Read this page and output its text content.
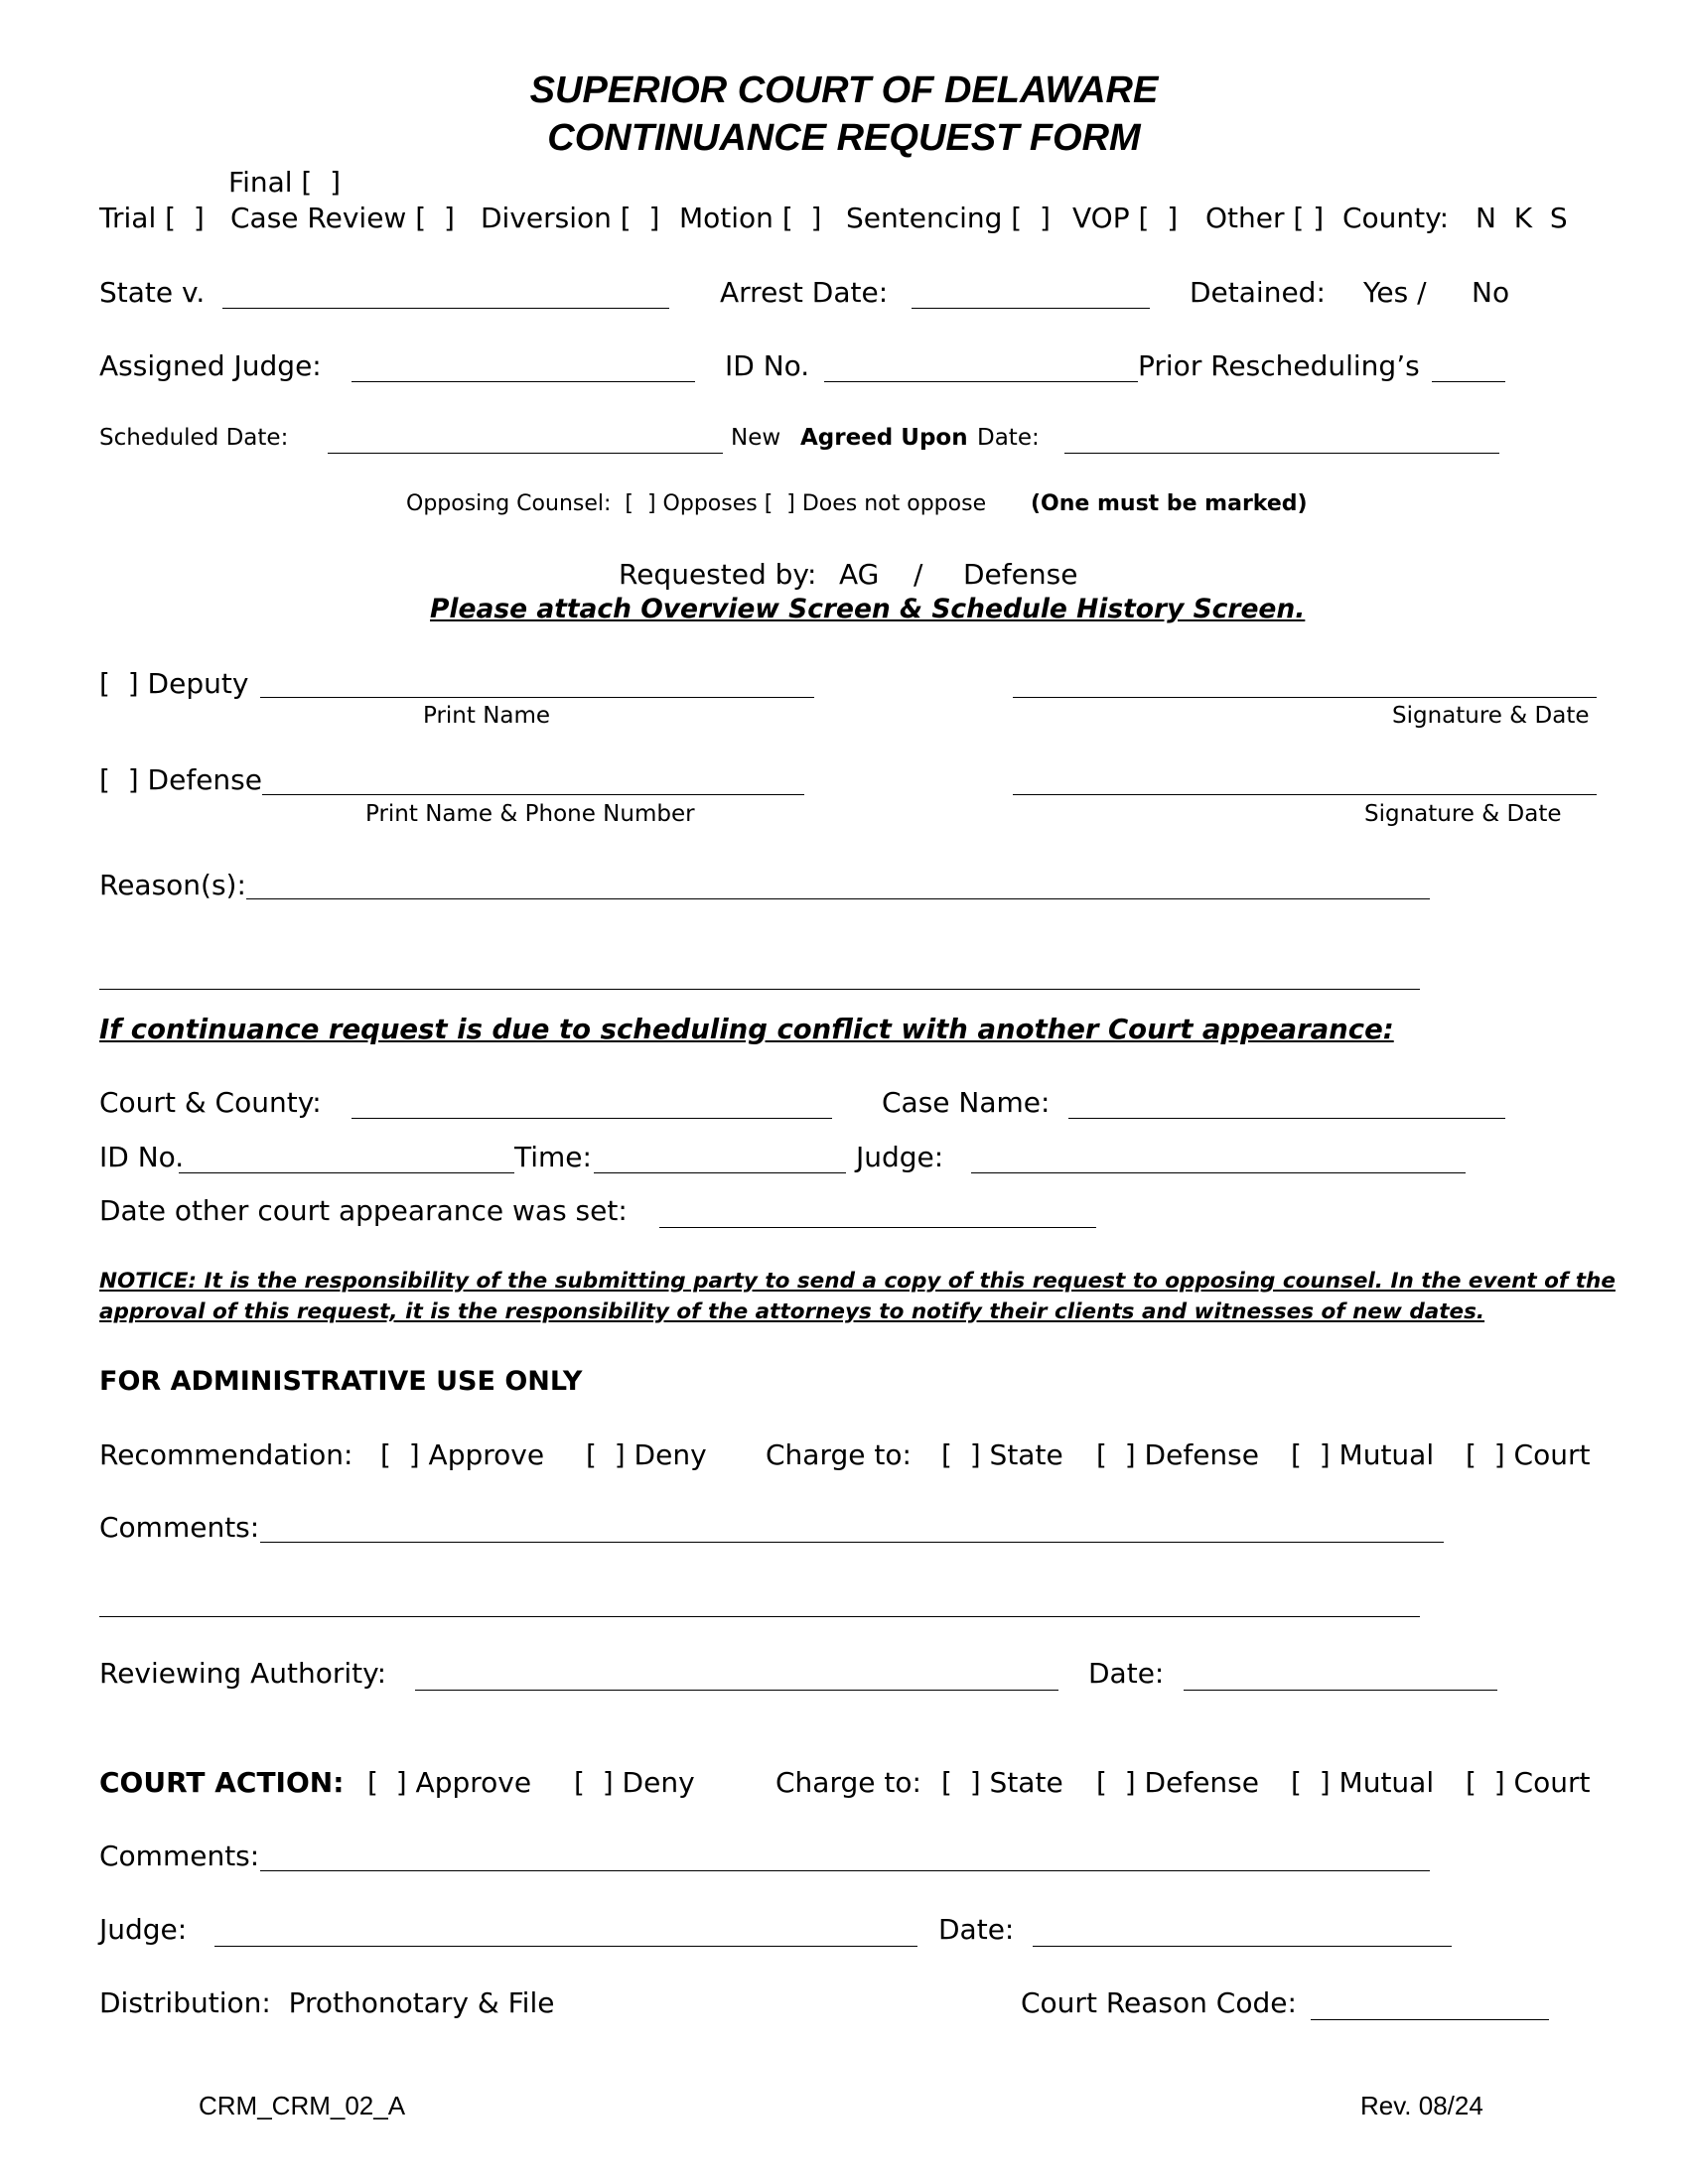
SUPERIOR COURT OF DELAWARE
CONTINUANCE REQUEST FORM
Final [  ]
Trial [  ] Case Review [  ] Diversion [  ] Motion [  ] Sentencing [  ] VOP [  ] Other [ ] County: N  K  S
State v.	Arrest Date:	Detained: Yes / No
Assigned Judge:	ID No.	Prior Rescheduling’s
Scheduled Date:	New Agreed Upon Date:
Opposing Counsel:  [  ] Opposes [  ] Does not oppose (One must be marked)
Requested by: AG / Defense
Please attach Overview Screen & Schedule History Screen.
[  ] Deputy
Print Name	Signature & Date
[  ] Defense
Print Name & Phone Number	Signature & Date
Reason(s):
If continuance request is due to scheduling conflict with another Court appearance:
Court & County:	Case Name:
ID No.	Time:	Judge:
Date other court appearance was set:
NOTICE: It is the responsibility of the submitting party to send a copy of this request to opposing counsel. In the event of the
approval of this request, it is the responsibility of the attorneys to notify their clients and witnesses of new dates.
FOR ADMINISTRATIVE USE ONLY
Recommendation: [  ] Approve [  ] Deny Charge to: [  ] State [  ] Defense [  ] Mutual [  ] Court
Comments:
Reviewing Authority:	Date:
COURT ACTION: [  ] Approve [  ] Deny	Charge to: [  ] State [  ] Defense [  ] Mutual [  ] Court
Comments:
Judge:	Date:
Distribution:  Prothonotary & File	Court Reason Code:
CRM_CRM_02_A	Rev. 08/24
